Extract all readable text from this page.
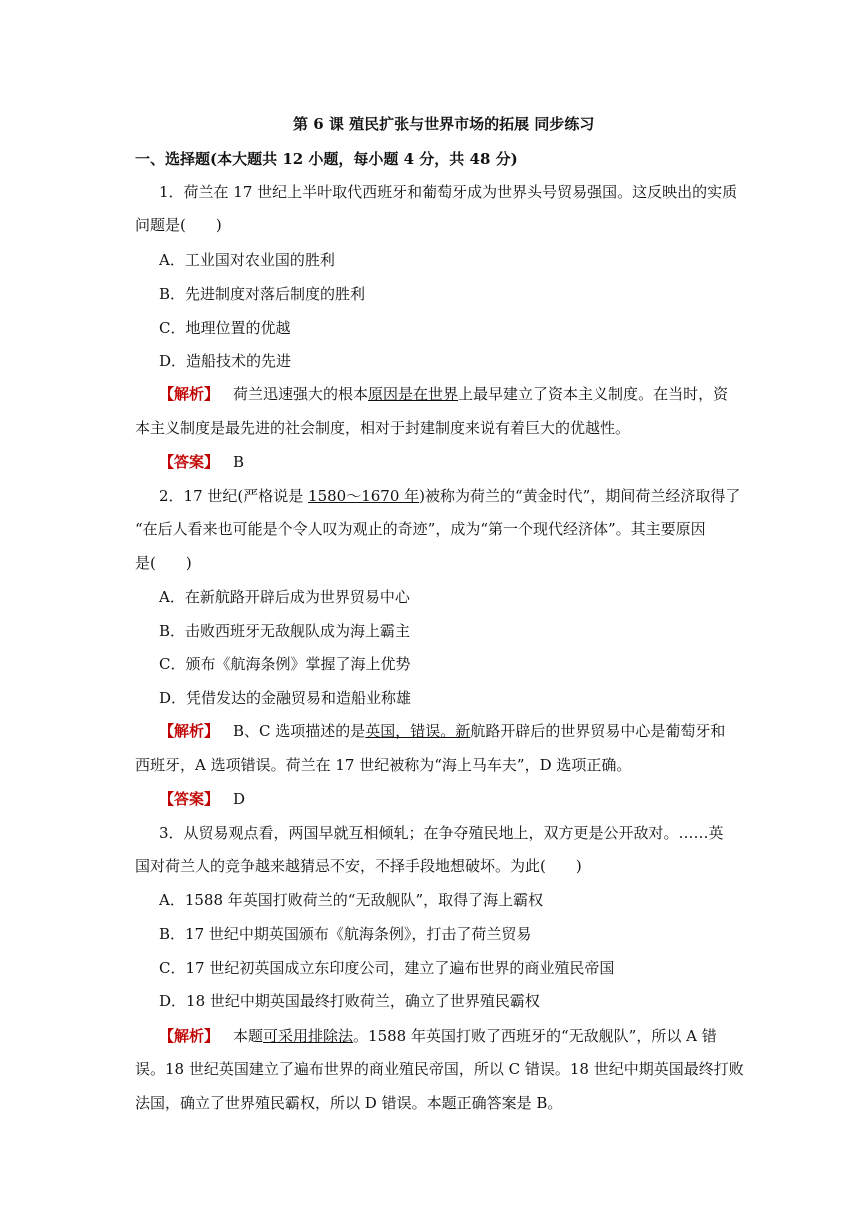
第 6 课 殖民扩张与世界市场的拓展 同步练习
一、选择题(本大题共 12 小题，每小题 4 分，共 48 分)
1．荷兰在 17 世纪上半叶取代西班牙和葡萄牙成为世界头号贸易强国。这反映出的实质
问题是(　　)
A．工业国对农业国的胜利
B．先进制度对落后制度的胜利
C．地理位置的优越
D．造船技术的先进
【解析】 荷兰迅速强大的根本原因是在世界上最早建立了资本主义制度。在当时，资
本主义制度是最先进的社会制度，相对于封建制度来说有着巨大的优越性。
【答案】 B
2．17 世纪(严格说是 1580～1670 年)被称为荷兰的“黄金时代”，期间荷兰经济取得了
“在后人看来也可能是个令人叹为观止的奇迹”，成为“第一个现代经济体”。其主要原因
是(　　)
A．在新航路开辟后成为世界贸易中心
B．击败西班牙无敌舰队成为海上霸主
C．颁布《航海条例》掌握了海上优势
D．凭借发达的金融贸易和造船业称雄
【解析】 B、C 选项描述的是英国，错误。新航路开辟后的世界贸易中心是葡萄牙和
西班牙，A 选项错误。荷兰在 17 世纪被称为“海上马车夫”，D 选项正确。
【答案】 D
3．从贸易观点看，两国早就互相倾轧；在争夺殖民地上，双方更是公开敌对。……英
国对荷兰人的竞争越来越猜忌不安，不择手段地想破坏。为此(　　)
A．1588 年英国打败荷兰的“无敌舰队”，取得了海上霸权
B．17 世纪中期英国颁布《航海条例》，打击了荷兰贸易
C．17 世纪初英国成立东印度公司，建立了遍布世界的商业殖民帝国
D．18 世纪中期英国最终打败荷兰，确立了世界殖民霸权
【解析】 本题可采用排除法。1588 年英国打败了西班牙的“无敌舰队”，所以 A 错
误。18 世纪英国建立了遍布世界的商业殖民帝国，所以 C 错误。18 世纪中期英国最终打败
法国，确立了世界殖民霸权，所以 D 错误。本题正确答案是 B。
